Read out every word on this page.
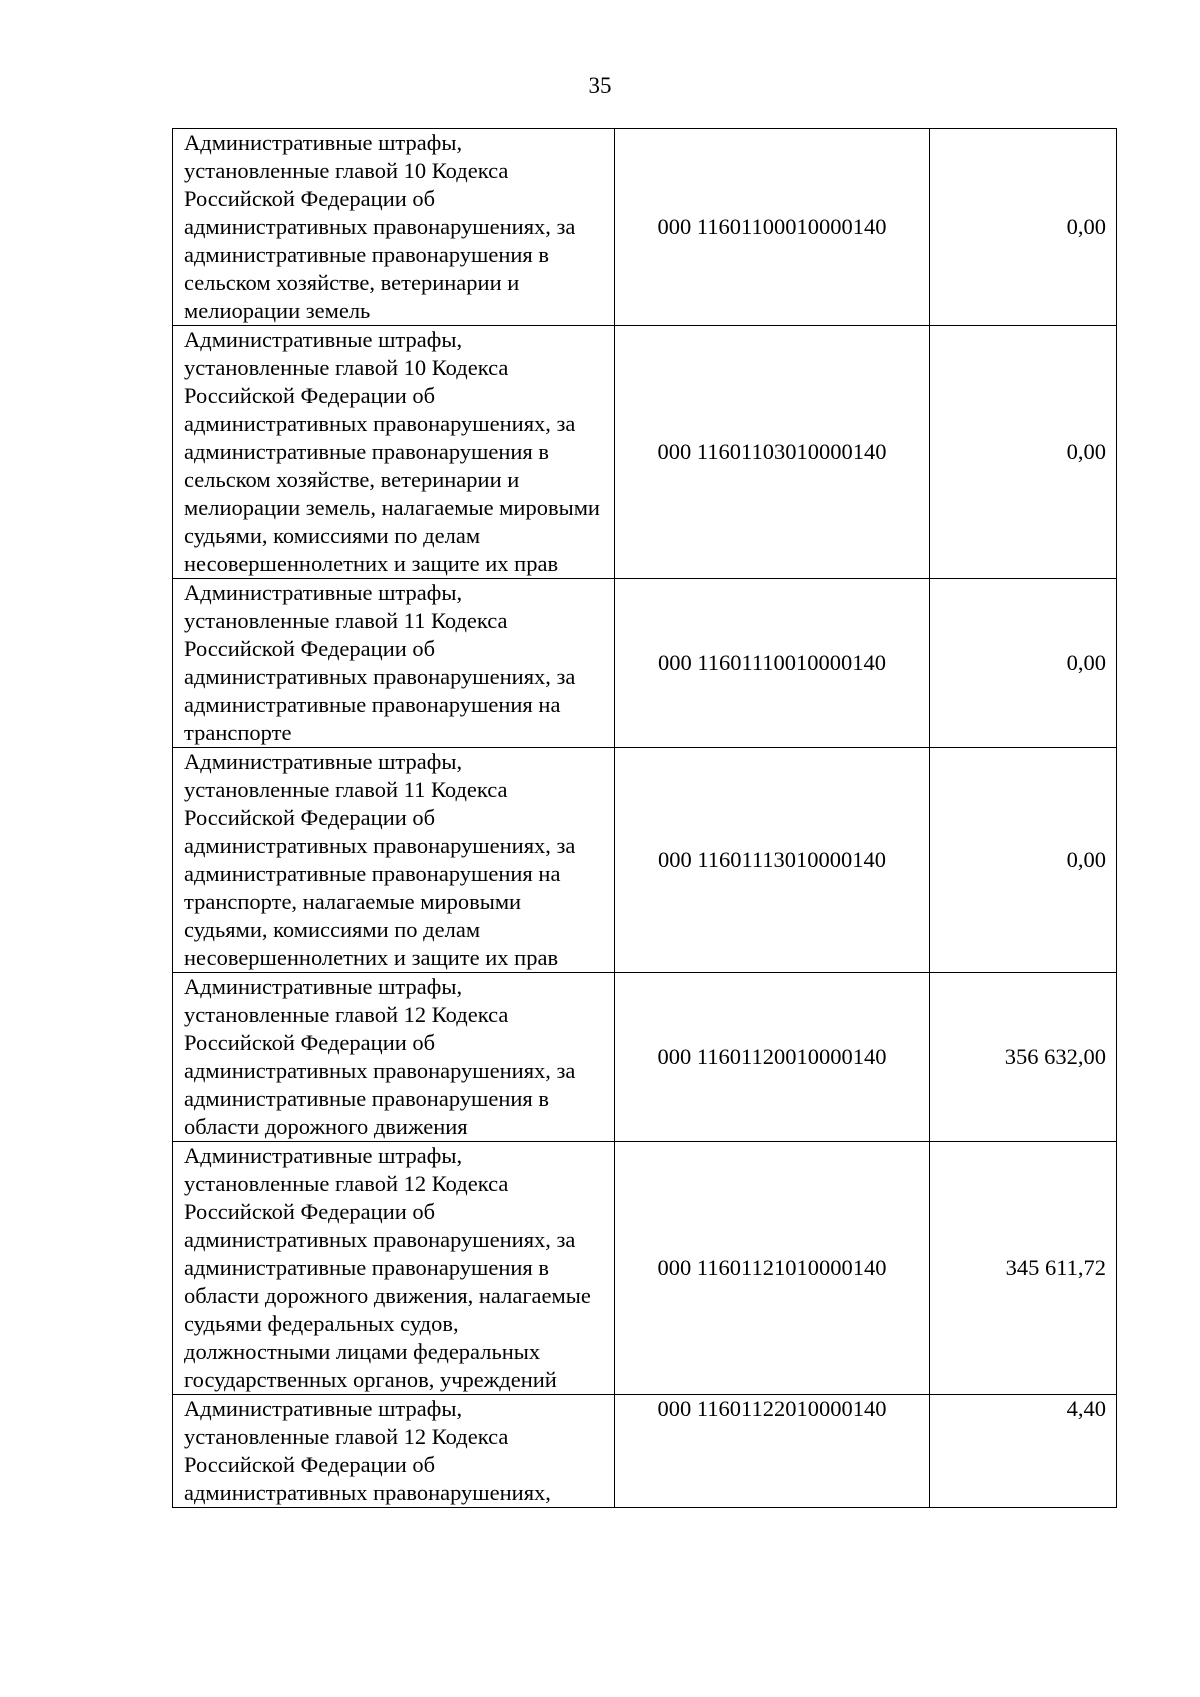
35
Административные штрафы, установленные главой 10 Кодекса Российской Федерации об административных правонарушениях, за административные правонарушения в сельском хозяйстве, ветеринарии и мелиорации земель	000 11601100010000140	0,00
Административные штрафы, установленные главой 10 Кодекса Российской Федерации об административных правонарушениях, за административные правонарушения в сельском хозяйстве, ветеринарии и мелиорации земель, налагаемые мировыми судьями, комиссиями по делам несовершеннолетних и защите их прав	000 11601103010000140	0,00
Административные штрафы, установленные главой 11 Кодекса Российской Федерации об административных правонарушениях, за административные правонарушения на транспорте	000 11601110010000140	0,00
Административные штрафы, установленные главой 11 Кодекса Российской Федерации об административных правонарушениях, за административные правонарушения на транспорте, налагаемые мировыми судьями, комиссиями по делам несовершеннолетних и защите их прав	000 11601113010000140	0,00
Административные штрафы, установленные главой 12 Кодекса Российской Федерации об административных правонарушениях, за административные правонарушения в области дорожного движения	000 11601120010000140	356 632,00
Административные штрафы, установленные главой 12 Кодекса Российской Федерации об административных правонарушениях, за административные правонарушения в области дорожного движения, налагаемые судьями федеральных судов, должностными лицами федеральных государственных органов, учреждений	000 11601121010000140	345 611,72
Административные штрафы, установленные главой 12 Кодекса Российской Федерации об административных правонарушениях,	000 11601122010000140	4,40
